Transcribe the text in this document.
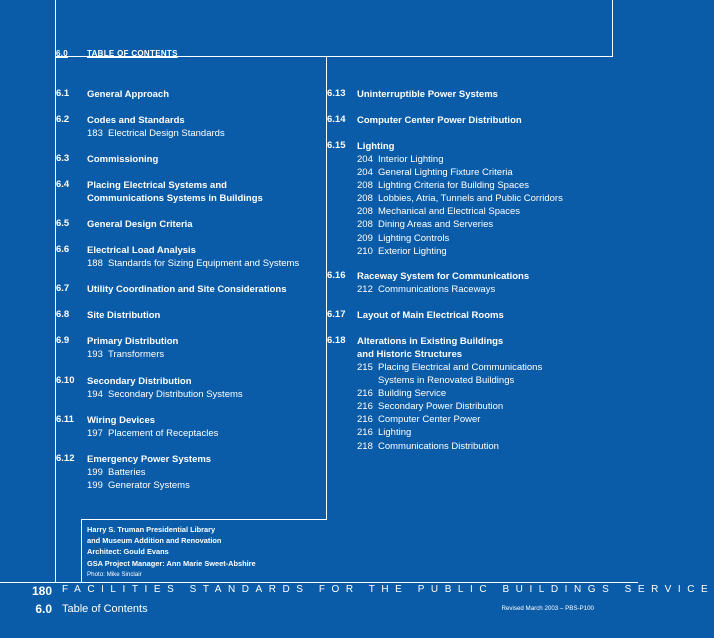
6.0 TABLE OF CONTENTS
6.1 General Approach
6.2 Codes and Standards
183 Electrical Design Standards
6.3 Commissioning
6.4 Placing Electrical Systems and
Communications Systems in Buildings
6.5 General Design Criteria
6.6 Electrical Load Analysis
188 Standards for Sizing Equipment and Systems
6.7 Utility Coordination and Site Considerations
6.8 Site Distribution
6.9 Primary Distribution
193 Transformers
6.10 Secondary Distribution
194 Secondary Distribution Systems
6.11 Wiring Devices
197 Placement of Receptacles
6.12 Emergency Power Systems
199 Batteries
199 Generator Systems
6.13 Uninterruptible Power Systems
6.14 Computer Center Power Distribution
6.15 Lighting
204 Interior Lighting
204 General Lighting Fixture Criteria
208 Lighting Criteria for Building Spaces
208 Lobbies, Atria, Tunnels and Public Corridors
208 Mechanical and Electrical Spaces
208 Dining Areas and Serveries
209 Lighting Controls
210 Exterior Lighting
6.16 Raceway System for Communications
212 Communications Raceways
6.17 Layout of Main Electrical Rooms
6.18 Alterations in Existing Buildings
and Historic Structures
215 Placing Electrical and Communications
Systems in Renovated Buildings
216 Building Service
216 Secondary Power Distribution
216 Computer Center Power
216 Lighting
218 Communications Distribution
Harry S. Truman Presidential Library
and Museum Addition and Renovation
Architect: Gould Evans
GSA Project Manager: Ann Marie Sweet-Abshire
Photo: Mike Sinclair
180 FACILITIES STANDARDS FOR THE PUBLIC BUILDINGS SERVICE
6.0 Table of Contents	Revised March 2003 – PBS-P100
